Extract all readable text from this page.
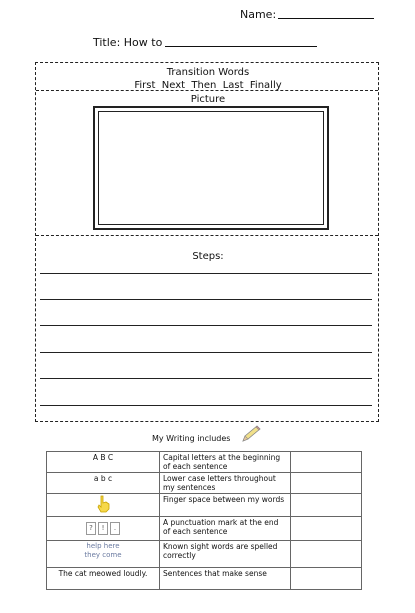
Name:
Title: How to
Transition Words
First  Next  Then  Last  Finally
Picture
Steps:
My Writing includes
A B C	Capital letters at the beginning of each sentence	
a b c	Lower case letters throughout my sentences	
	Finger space between my words	
? ! .	A punctuation mark at the end of each sentence	

help here
they come	Known sight words are spelled correctly	
The cat meowed loudly.	Sentences that make sense	
